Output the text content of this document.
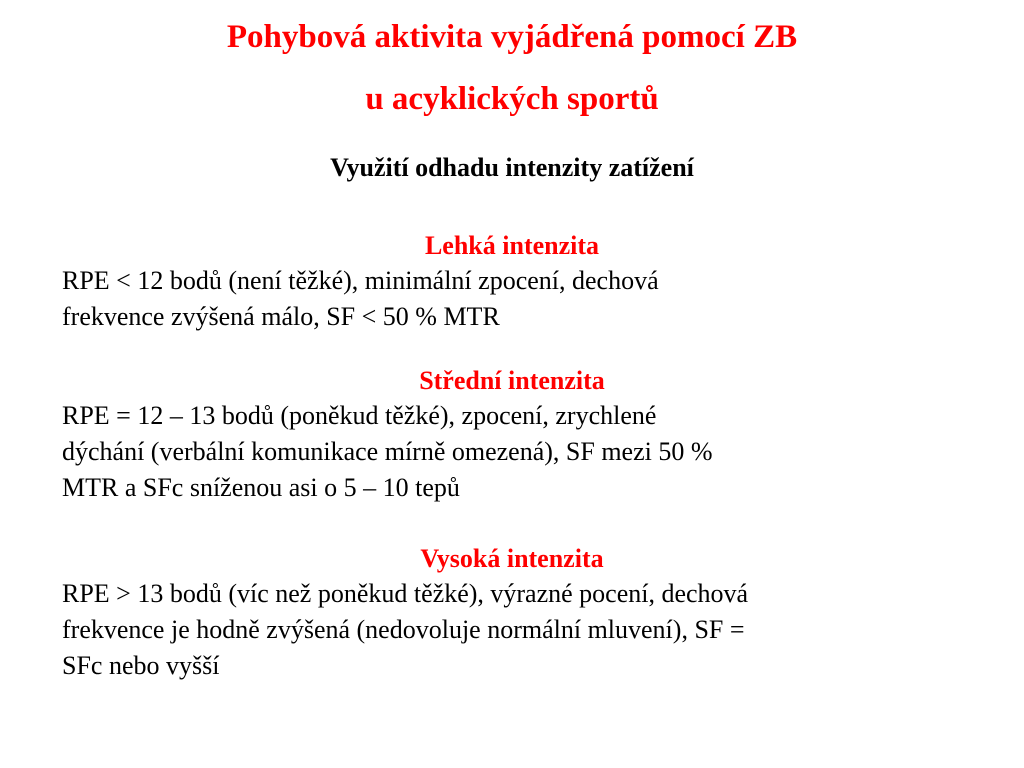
Pohybová aktivita vyjádřená pomocí ZB
u acyklických sportů
Využití odhadu intenzity zatížení
Lehká intenzita
RPE < 12 bodů (není těžké), minimální zpocení, dechová
frekvence zvýšená málo, SF < 50 % MTR
Střední intenzita
RPE = 12 – 13 bodů (poněkud těžké), zpocení, zrychlené
dýchání (verbální komunikace mírně omezená), SF mezi 50 %
MTR a SFc sníženou asi o 5 – 10 tepů
Vysoká intenzita
RPE > 13 bodů (víc než poněkud těžké), výrazné pocení, dechová
frekvence je hodně zvýšená (nedovoluje normální mluvení), SF =
SFc nebo vyšší
